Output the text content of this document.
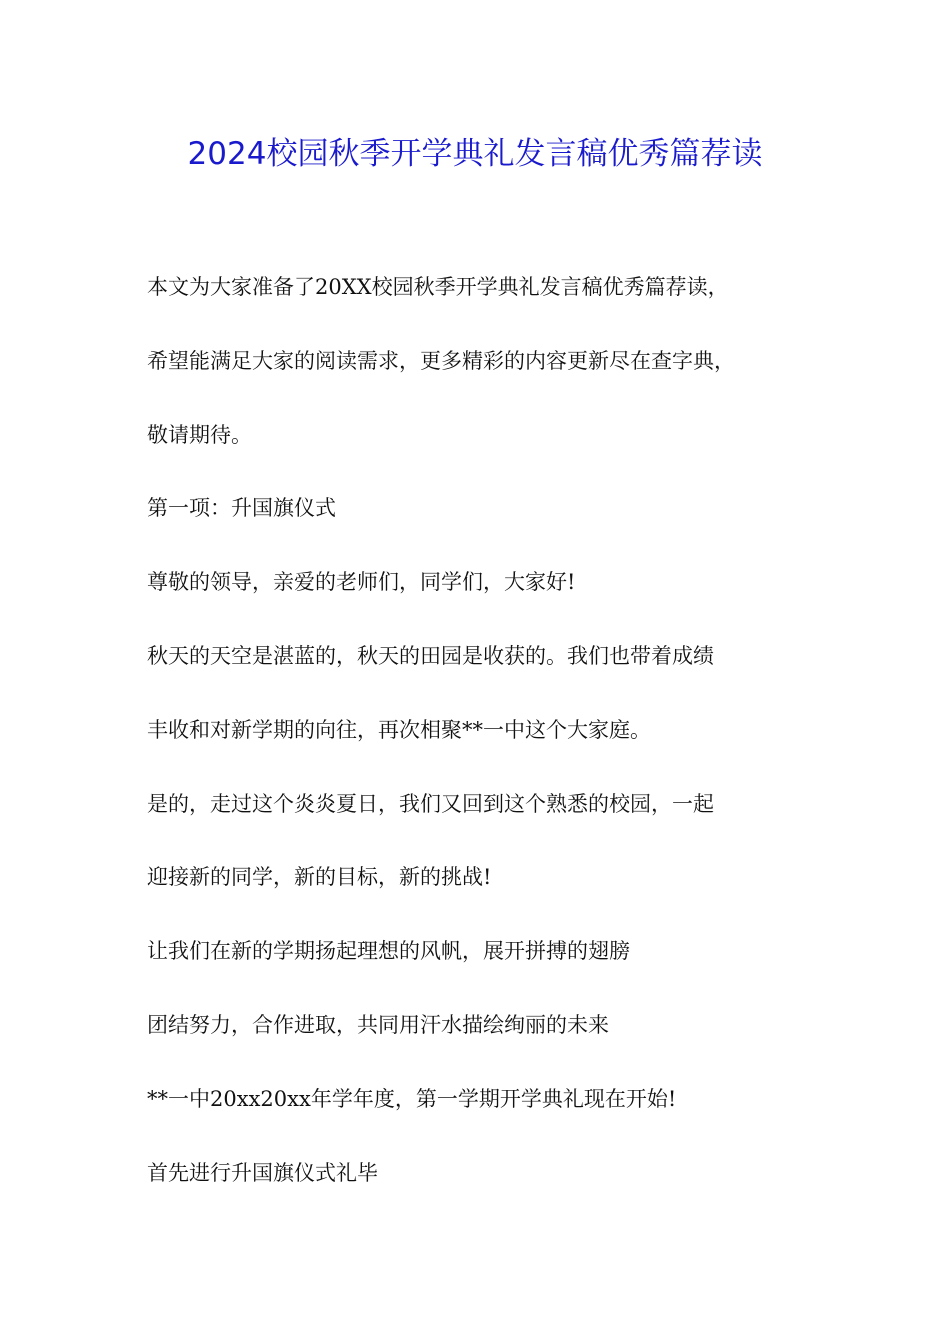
2024校园秋季开学典礼发言稿优秀篇荐读

本文为大家准备了20XX校园秋季开学典礼发言稿优秀篇荐读，

希望能满足大家的阅读需求，更多精彩的内容更新尽在查字典，

敬请期待。

第一项：升国旗仪式

尊敬的领导，亲爱的老师们，同学们，大家好!

秋天的天空是湛蓝的，秋天的田园是收获的。我们也带着成绩

丰收和对新学期的向往，再次相聚**一中这个大家庭。

是的，走过这个炎炎夏日，我们又回到这个熟悉的校园，一起

迎接新的同学，新的目标，新的挑战!

让我们在新的学期扬起理想的风帆，展开拼搏的翅膀

团结努力，合作进取，共同用汗水描绘绚丽的未来

**一中20xx20xx年学年度，第一学期开学典礼现在开始!

首先进行升国旗仪式礼毕
